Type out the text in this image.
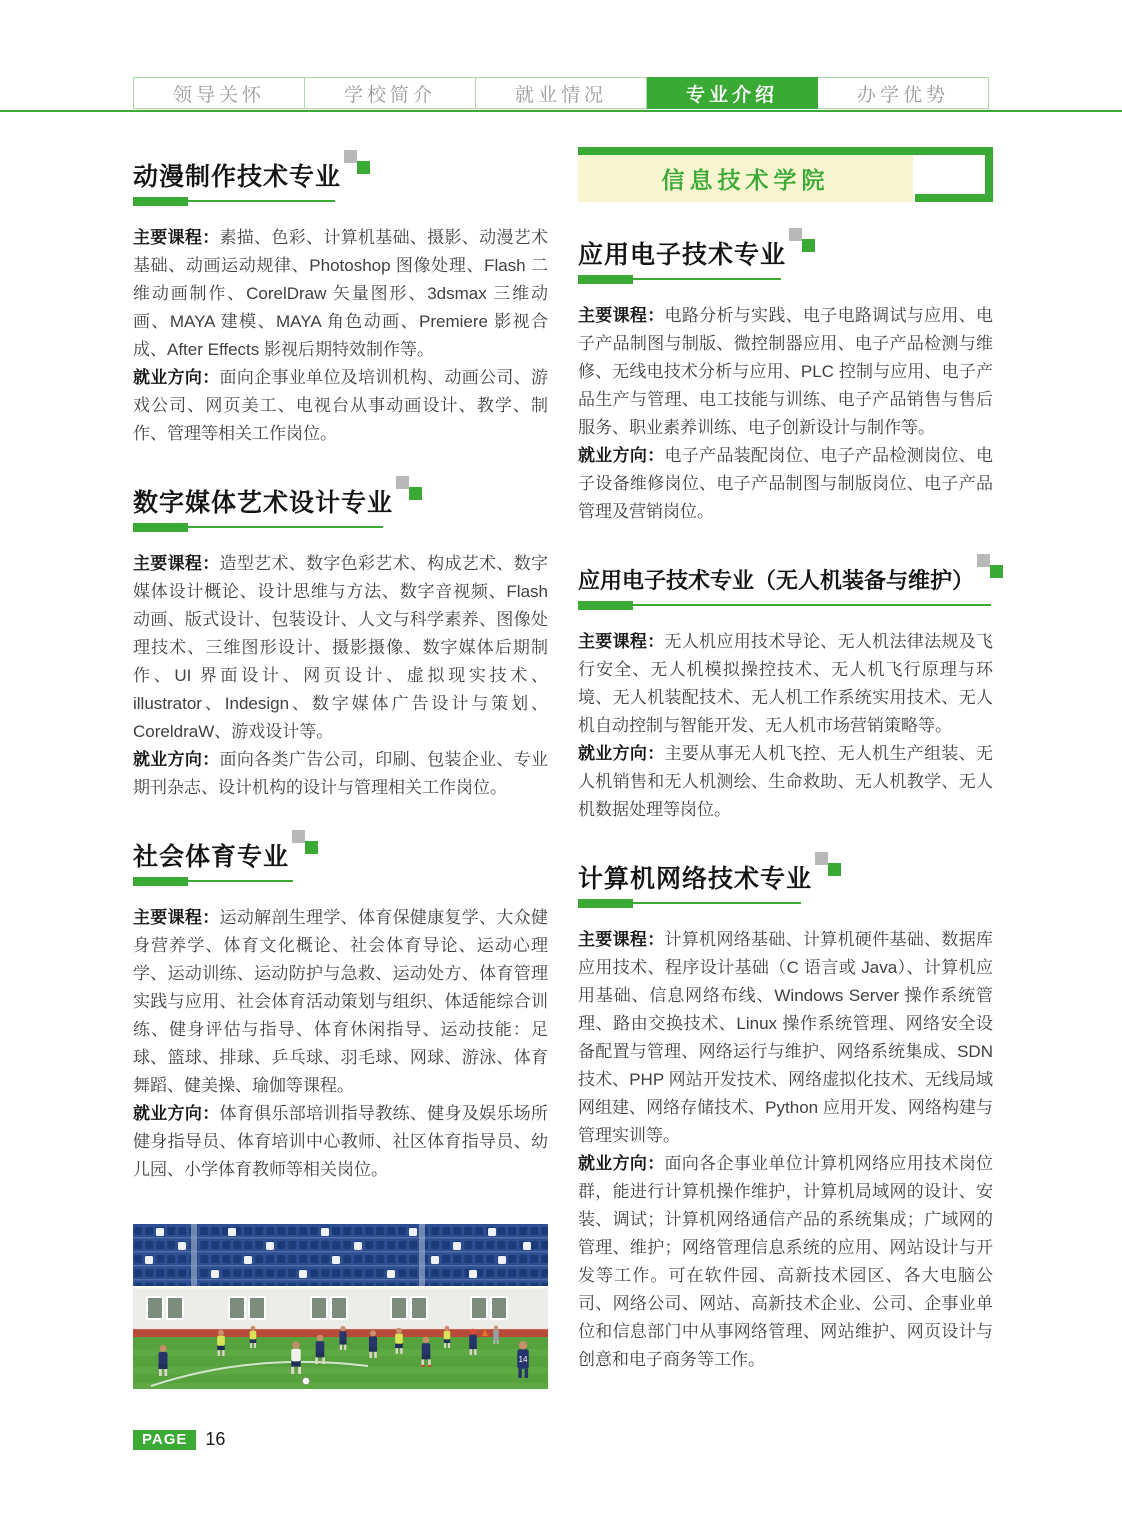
领导关怀	学校简介	就业情况	专业介绍	办学优势
动漫制作技术专业

主要课程：素描、色彩、计算机基础、摄影、动漫艺术基础、动画运动规律、Photoshop 图像处理、Flash 二维动画制作、CorelDraw 矢量图形、3dsmax 三维动画、MAYA 建模、MAYA 角色动画、Premiere 影视合成、After Effects 影视后期特效制作等。

就业方向：面向企事业单位及培训机构、动画公司、游戏公司、网页美工、电视台从事动画设计、教学、制作、管理等相关工作岗位。

数字媒体艺术设计专业

主要课程：造型艺术、数字色彩艺术、构成艺术、数字媒体设计概论、设计思维与方法、数字音视频、Flash 动画、版式设计、包装设计、人文与科学素养、图像处理技术、三维图形设计、摄影摄像、数字媒体后期制作、UI 界面设计、网页设计、虚拟现实技术、illustrator、Indesign、数字媒体广告设计与策划、CoreldraW、游戏设计等。

就业方向：面向各类广告公司，印刷、包装企业、专业期刊杂志、设计机构的设计与管理相关工作岗位。

社会体育专业

主要课程：运动解剖生理学、体育保健康复学、大众健身营养学、体育文化概论、社会体育导论、运动心理学、运动训练、运动防护与急救、运动处方、体育管理实践与应用、社会体育活动策划与组织、体适能综合训练、健身评估与指导、体育休闲指导、运动技能：足球、篮球、排球、乒乓球、羽毛球、网球、游泳、体育舞蹈、健美操、瑜伽等课程。

就业方向：体育俱乐部培训指导教练、健身及娱乐场所健身指导员、体育培训中心教师、社区体育指导员、幼儿园、小学体育教师等相关岗位。

14
信息技术学院
应用电子技术专业

主要课程：电路分析与实践、电子电路调试与应用、电子产品制图与制版、微控制器应用、电子产品检测与维修、无线电技术分析与应用、PLC 控制与应用、电子产品生产与管理、电工技能与训练、电子产品销售与售后服务、职业素养训练、电子创新设计与制作等。

就业方向：电子产品装配岗位、电子产品检测岗位、电子设备维修岗位、电子产品制图与制版岗位、电子产品管理及营销岗位。

应用电子技术专业（无人机装备与维护）

主要课程：无人机应用技术导论、无人机法律法规及飞行安全、无人机模拟操控技术、无人机飞行原理与环境、无人机装配技术、无人机工作系统实用技术、无人机自动控制与智能开发、无人机市场营销策略等。

就业方向：主要从事无人机飞控、无人机生产组装、无人机销售和无人机测绘、生命救助、无人机教学、无人机数据处理等岗位。

计算机网络技术专业

主要课程：计算机网络基础、计算机硬件基础、数据库应用技术、程序设计基础（C 语言或 Java）、计算机应用基础、信息网络布线、Windows Server 操作系统管理、路由交换技术、Linux 操作系统管理、网络安全设备配置与管理、网络运行与维护、网络系统集成、SDN 技术、PHP 网站开发技术、网络虚拟化技术、无线局域网组建、网络存储技术、Python 应用开发、网络构建与管理实训等。

就业方向：面向各企事业单位计算机网络应用技术岗位群，能进行计算机操作维护，计算机局域网的设计、安装、调试；计算机网络通信产品的系统集成；广域网的管理、维护；网络管理信息系统的应用、网站设计与开发等工作。可在软件园、高新技术园区、各大电脑公司、网络公司、网站、高新技术企业、公司、企事业单位和信息部门中从事网络管理、网站维护、网页设计与创意和电子商务等工作。

PAGE	16
